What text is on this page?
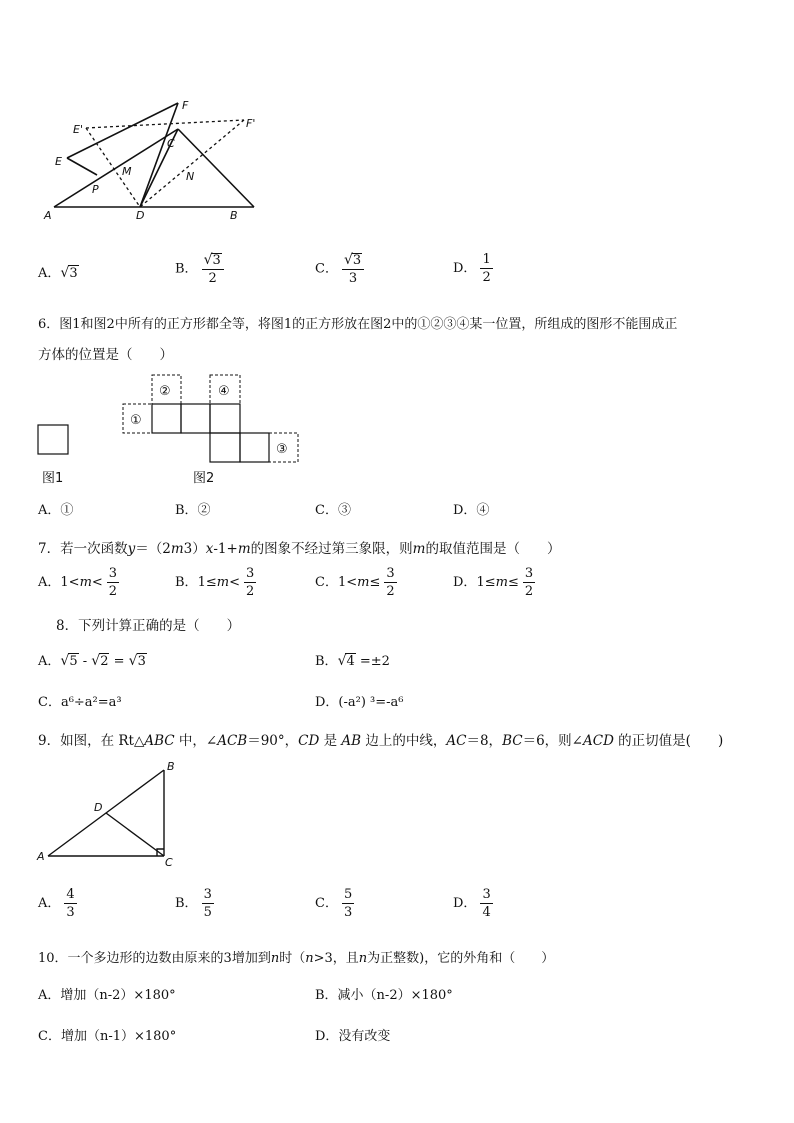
A	B
C
D
E
F
E'	F'
M	N
P
A．√3	B． $\frac{√3}{2}$	C． $\frac{√3}{3}$	D． $\frac{1}{2}$
6．图1和图2中所有的正方形都全等，将图1的正方形放在图2中的①②③④某一位置，所组成的图形不能围成正
方体的位置是（　　）
①
②	④
③
图1	图2
A．①	B．②	C．③	D．④
7．若一次函数y＝（2m3）x-1+m的图象不经过第三象限，则m的取值范围是（　　）
A．$1<m< \frac{3}{2}$	B．$1\le m< \frac{3}{2}$	C．$1<m\le \frac{3}{2}$	D．$1\le m\le \frac{3}{2}$
8．下列计算正确的是（　　）
A．√5 - √2 = √3	B．√4 =±2
C．a⁶÷a²=a³	D．(-a²) ³=-a⁶
9．如图，在 Rt△ABC 中，∠ACB＝90°，CD 是 AB 边上的中线，AC＝8，BC＝6，则∠ACD 的正切值是(　　)
A
B
C
D
A． $\frac{4}{3}$	B． $\frac{3}{5}$	C． $\frac{5}{3}$	D． $\frac{3}{4}$
10．一个多边形的边数由原来的3增加到n时（n>3，且n为正整数)，它的外角和（　　）
A．增加（n-2）×180°	B．减小（n-2）×180°
C．增加（n-1）×180°	D．没有改变
